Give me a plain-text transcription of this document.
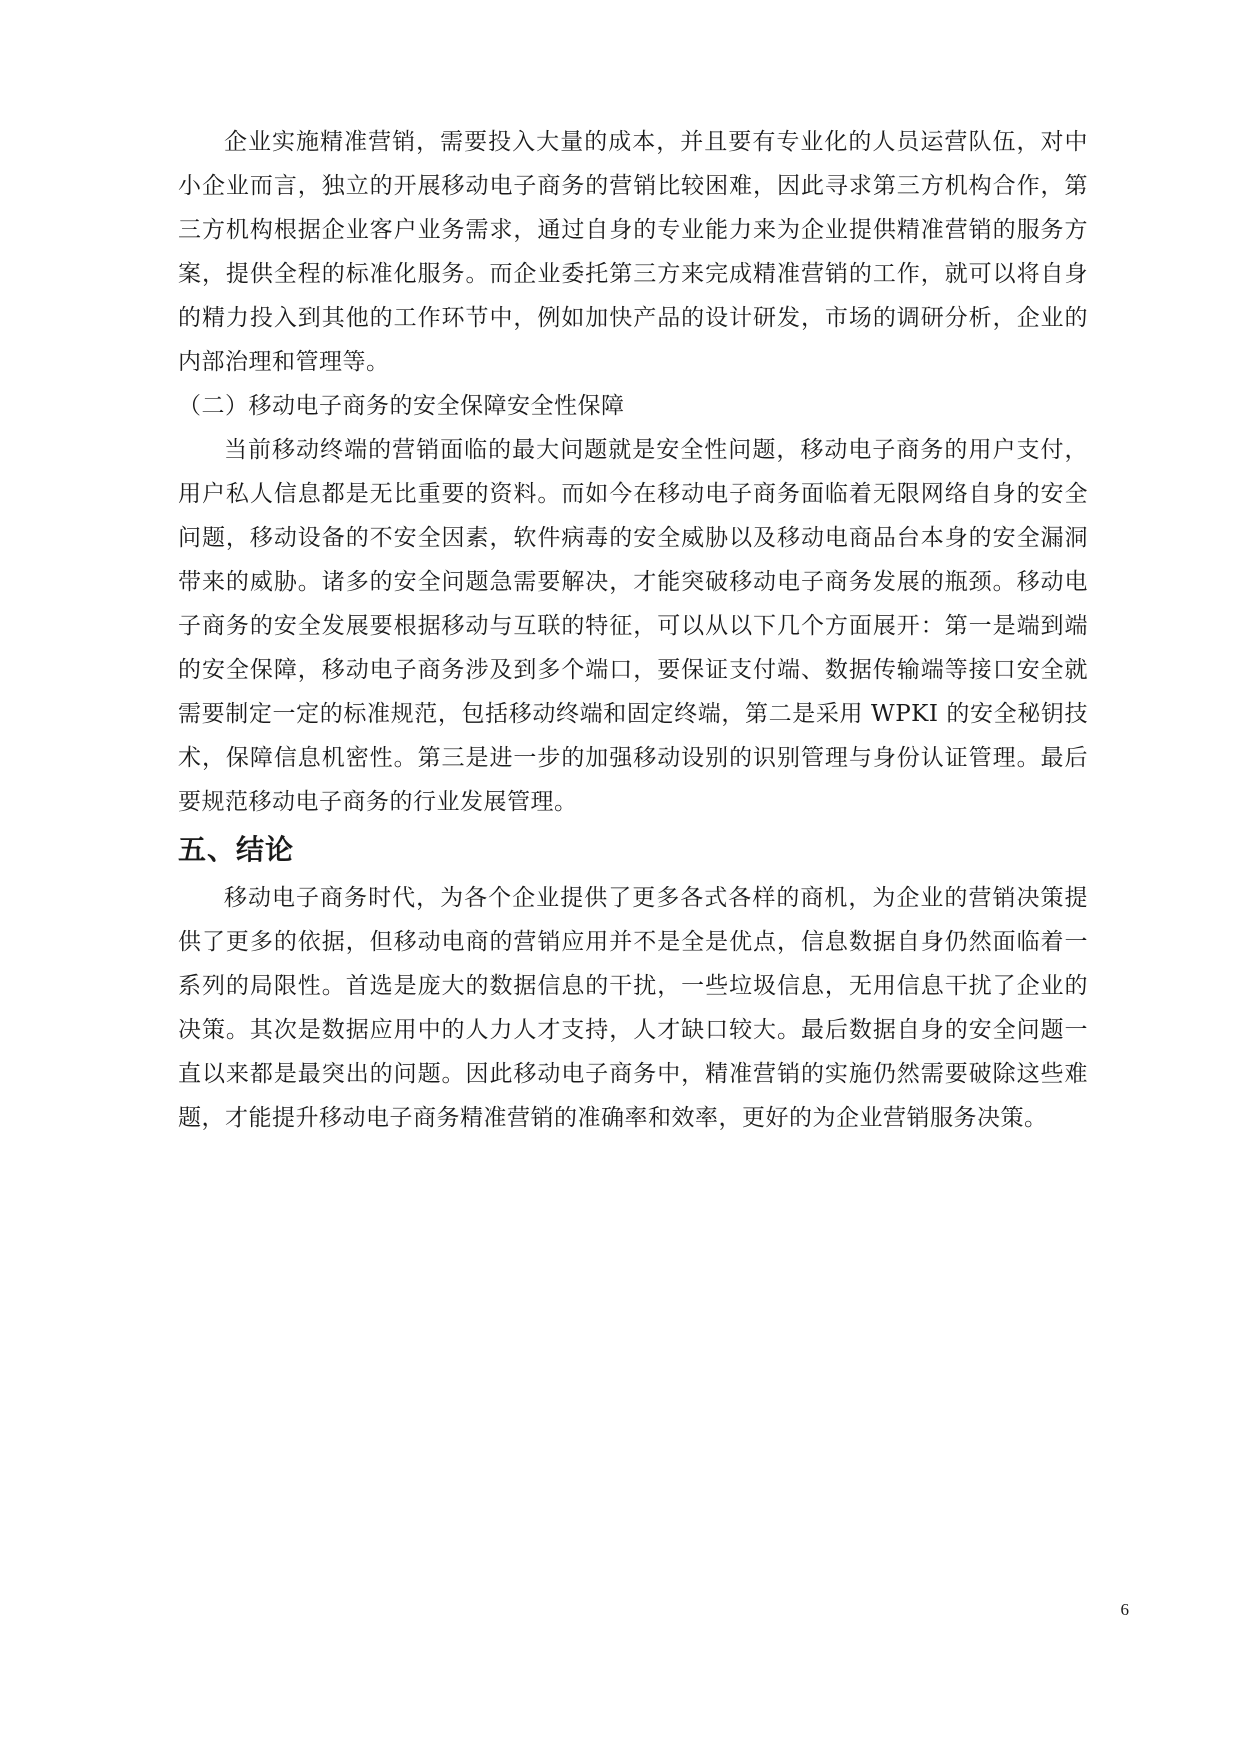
企业实施精准营销，需要投入大量的成本，并且要有专业化的人员运营队伍，对中小企业而言，独立的开展移动电子商务的营销比较困难，因此寻求第三方机构合作，第三方机构根据企业客户业务需求，通过自身的专业能力来为企业提供精准营销的服务方案，提供全程的标准化服务。而企业委托第三方来完成精准营销的工作，就可以将自身的精力投入到其他的工作环节中，例如加快产品的设计研发，市场的调研分析，企业的内部治理和管理等。

（二）移动电子商务的安全保障安全性保障

当前移动终端的营销面临的最大问题就是安全性问题，移动电子商务的用户支付，用户私人信息都是无比重要的资料。而如今在移动电子商务面临着无限网络自身的安全问题，移动设备的不安全因素，软件病毒的安全威胁以及移动电商品台本身的安全漏洞带来的威胁。诸多的安全问题急需要解决，才能突破移动电子商务发展的瓶颈。移动电子商务的安全发展要根据移动与互联的特征，可以从以下几个方面展开：第一是端到端的安全保障，移动电子商务涉及到多个端口，要保证支付端、数据传输端等接口安全就需要制定一定的标准规范，包括移动终端和固定终端，第二是采用 WPKI 的安全秘钥技术，保障信息机密性。第三是进一步的加强移动设别的识别管理与身份认证管理。最后要规范移动电子商务的行业发展管理。

五、结论

移动电子商务时代，为各个企业提供了更多各式各样的商机，为企业的营销决策提供了更多的依据，但移动电商的营销应用并不是全是优点，信息数据自身仍然面临着一系列的局限性。首选是庞大的数据信息的干扰，一些垃圾信息，无用信息干扰了企业的决策。其次是数据应用中的人力人才支持，人才缺口较大。最后数据自身的安全问题一直以来都是最突出的问题。因此移动电子商务中，精准营销的实施仍然需要破除这些难题，才能提升移动电子商务精准营销的准确率和效率，更好的为企业营销服务决策。

6
